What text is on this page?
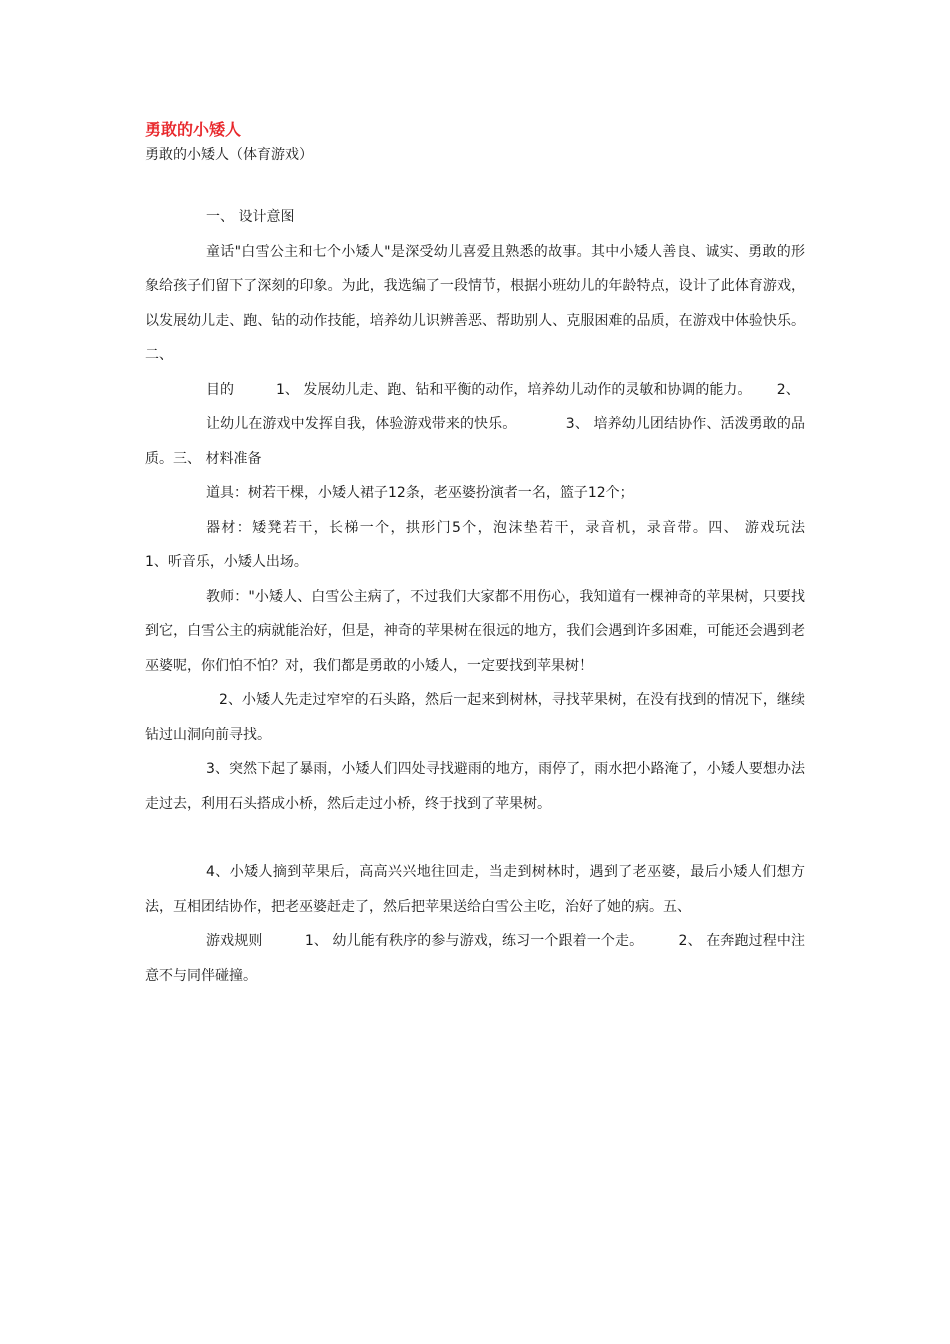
勇敢的小矮人

勇敢的小矮人（体育游戏）

一、 设计意图

童话"白雪公主和七个小矮人"是深受幼儿喜爱且熟悉的故事。其中小矮人善良、诚实、勇敢的形象给孩子们留下了深刻的印象。为此，我选编了一段情节，根据小班幼儿的年龄特点，设计了此体育游戏，以发展幼儿走、跑、钻的动作技能，培养幼儿识辨善恶、帮助别人、克服困难的品质，在游戏中体验快乐。二、

目的　　　1、 发展幼儿走、跑、钻和平衡的动作，培养幼儿动作的灵敏和协调的能力。　　 2、

让幼儿在游戏中发挥自我，体验游戏带来的快乐。　　　　3、 培养幼儿团结协作、活泼勇敢的品质。三、 材料准备

道具：树若干棵，小矮人裙子12条，老巫婆扮演者一名，篮子12个；

器材：矮凳若干，长梯一个，拱形门5个，泡沫垫若干，录音机，录音带。四、 游戏玩法　　 1、听音乐，小矮人出场。

教师："小矮人、白雪公主病了，不过我们大家都不用伤心，我知道有一棵神奇的苹果树，只要找到它，白雪公主的病就能治好，但是，神奇的苹果树在很远的地方，我们会遇到许多困难，可能还会遇到老巫婆呢，你们怕不怕？对，我们都是勇敢的小矮人，一定要找到苹果树！

2、小矮人先走过窄窄的石头路，然后一起来到树林，寻找苹果树，在没有找到的情况下，继续钻过山洞向前寻找。

3、突然下起了暴雨，小矮人们四处寻找避雨的地方，雨停了，雨水把小路淹了，小矮人要想办法走过去，利用石头搭成小桥，然后走过小桥，终于找到了苹果树。

4、小矮人摘到苹果后，高高兴兴地往回走，当走到树林时，遇到了老巫婆，最后小矮人们想方法，互相团结协作，把老巫婆赶走了，然后把苹果送给白雪公主吃，治好了她的病。五、

游戏规则　　　1、 幼儿能有秩序的参与游戏，练习一个跟着一个走。　　　2、 在奔跑过程中注意不与同伴碰撞。
